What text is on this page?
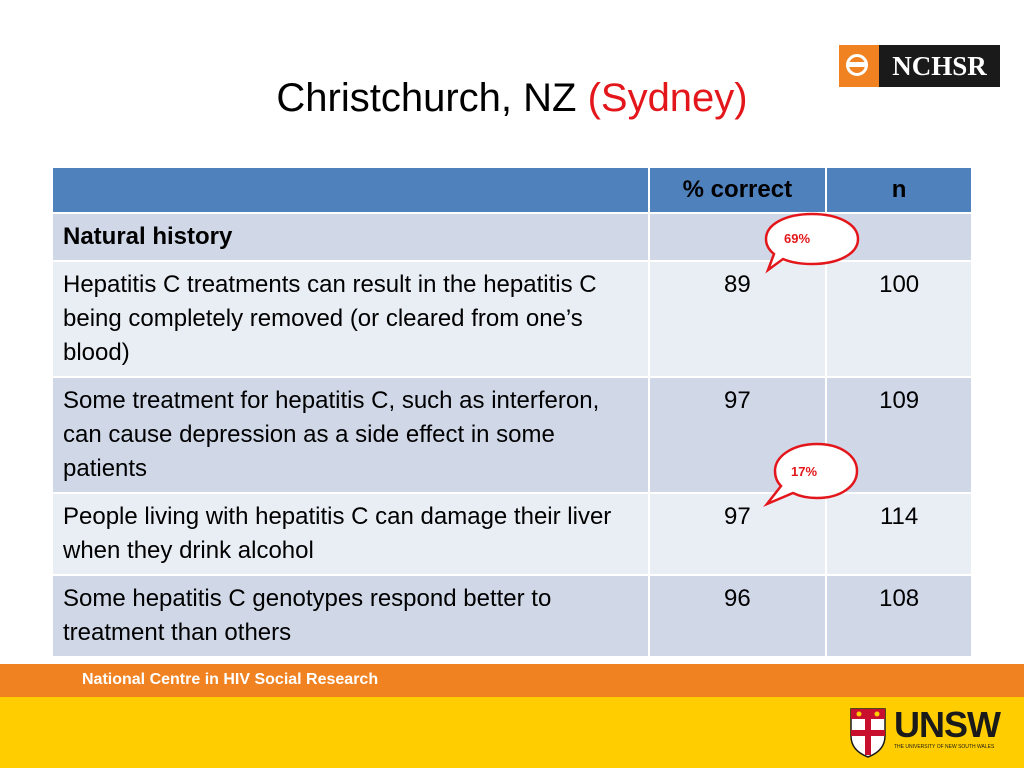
Christchurch, NZ (Sydney)
NCHSR
	% correct	n
Natural history		
Hepatitis C treatments can result in the hepatitis C being completely removed (or cleared from one’s blood)	89	100
Some treatment for hepatitis C, such as interferon, can cause depression as a side effect in some patients	97	109
People living with hepatitis C can damage their liver when they drink alcohol	97	114
Some hepatitis C genotypes respond better to treatment than others	96	108
69%
17%
National Centre in HIV Social Research
UNSW
THE UNIVERSITY OF NEW SOUTH WALES
